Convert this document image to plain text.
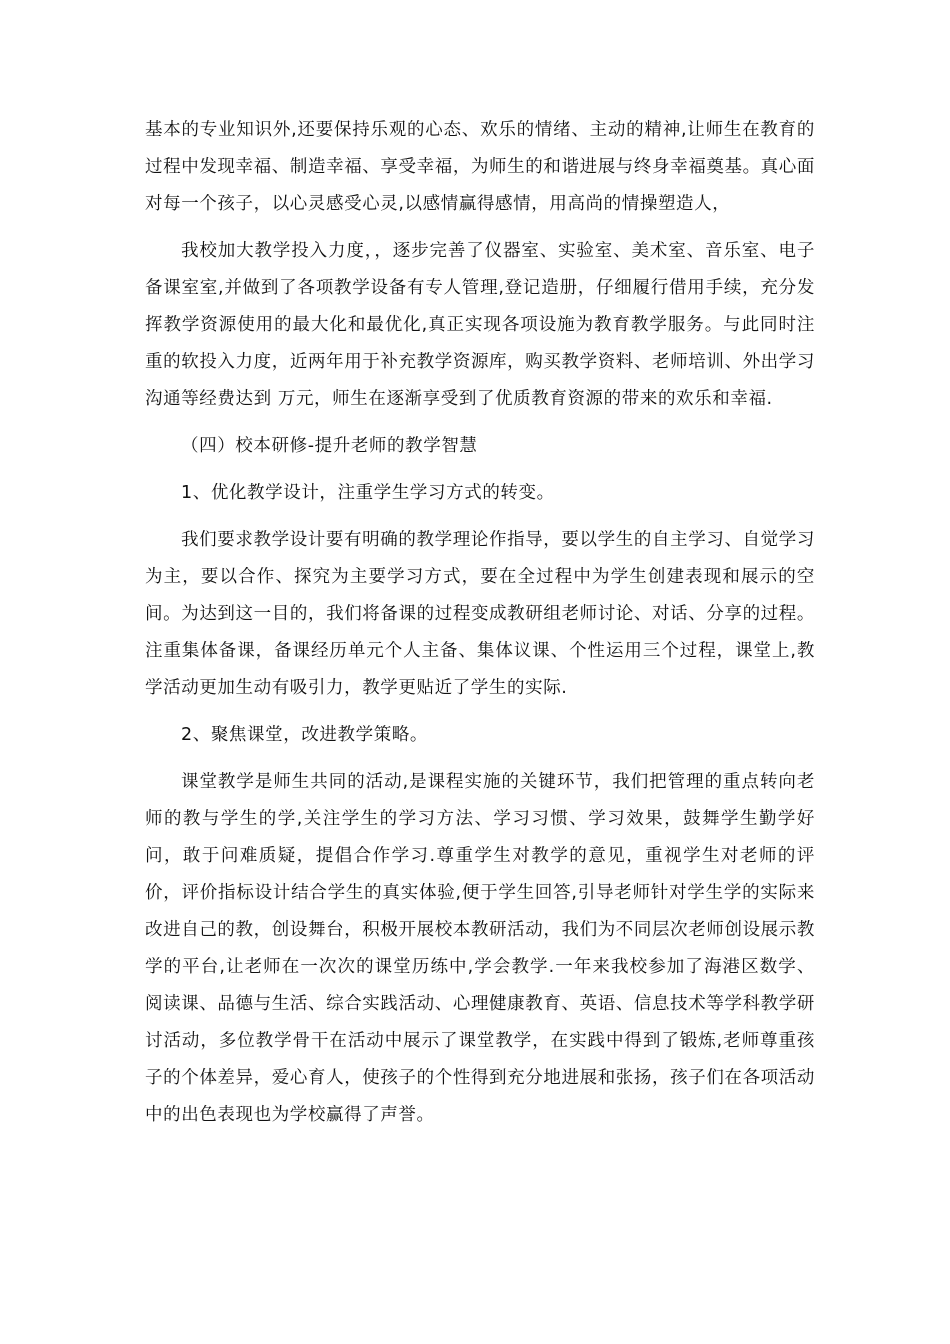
基本的专业知识外,还要保持乐观的心态、欢乐的情绪、主动的精神,让师生在教育的过程中发现幸福、制造幸福、享受幸福，为师生的和谐进展与终身幸福奠基。真心面对每一个孩子，以心灵感受心灵,以感情赢得感情，用高尚的情操塑造人，

我校加大教学投入力度，，逐步完善了仪器室、实验室、美术室、音乐室、电子备课室室,并做到了各项教学设备有专人管理,登记造册，仔细履行借用手续，充分发挥教学资源使用的最大化和最优化,真正实现各项设施为教育教学服务。与此同时注重的软投入力度，近两年用于补充教学资源库，购买教学资料、老师培训、外出学习沟通等经费达到 万元，师生在逐渐享受到了优质教育资源的带来的欢乐和幸福.

（四）校本研修-提升老师的教学智慧

1、优化教学设计，注重学生学习方式的转变。

我们要求教学设计要有明确的教学理论作指导，要以学生的自主学习、自觉学习为主，要以合作、探究为主要学习方式，要在全过程中为学生创建表现和展示的空间。为达到这一目的，我们将备课的过程变成教研组老师讨论、对话、分享的过程。注重集体备课，备课经历单元个人主备、集体议课、个性运用三个过程，课堂上,教学活动更加生动有吸引力，教学更贴近了学生的实际.

2、聚焦课堂，改进教学策略。

课堂教学是师生共同的活动,是课程实施的关键环节，我们把管理的重点转向老师的教与学生的学,关注学生的学习方法、学习习惯、学习效果，鼓舞学生勤学好问，敢于问难质疑，提倡合作学习.尊重学生对教学的意见，重视学生对老师的评价，评价指标设计结合学生的真实体验,便于学生回答,引导老师针对学生学的实际来改进自己的教，创设舞台，积极开展校本教研活动，我们为不同层次老师创设展示教学的平台,让老师在一次次的课堂历练中,学会教学.一年来我校参加了海港区数学、阅读课、品德与生活、综合实践活动、心理健康教育、英语、信息技术等学科教学研讨活动，多位教学骨干在活动中展示了课堂教学，在实践中得到了锻炼,老师尊重孩子的个体差异，爱心育人，使孩子的个性得到充分地进展和张扬，孩子们在各项活动中的出色表现也为学校赢得了声誉。
